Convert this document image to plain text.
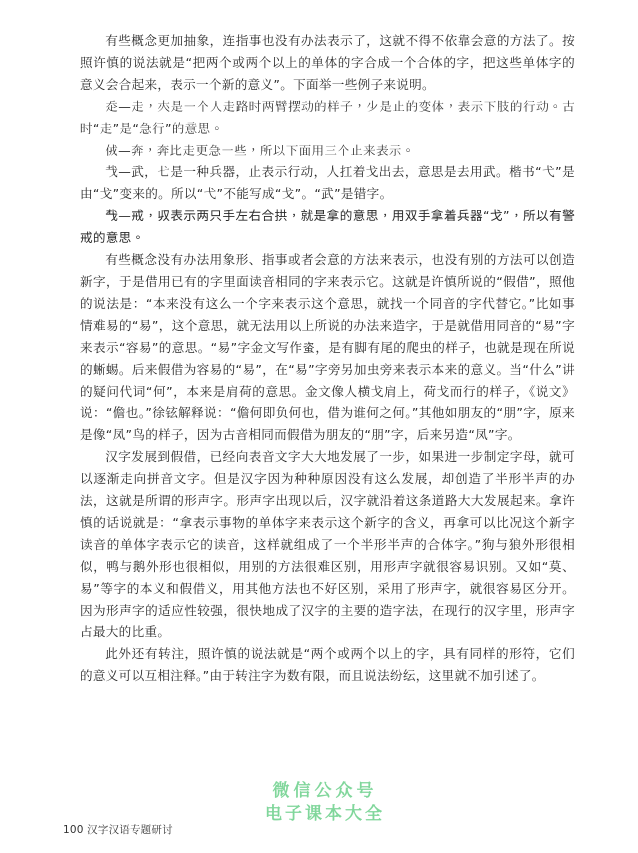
有些概念更加抽象，连指事也没有办法表示了，这就不得不依靠会意的方法了。按照许慎的说法就是“把两个或两个以上的单体的字合成一个合体的字，把这些单体字的意义会合起来，表示一个新的意义”。下面举一些例子来说明。

𧺆—走，𡗕是一个人走路时两臂摆动的样子，𣥂是止的变体，表示下肢的行动。古时“走”是“急行”的意思。

𠈋—奔，奔比走更急一些，所以下面用三个止来表示。

𢦏—武，𢍺是一种兵器，止表示行动，人扛着戈出去，意思是去用武。楷书“弋”是由“戈”变来的。所以“弋”不能写成“戈”。“武”是错字。

𢦔—戒，𠬞表示两只手左右合拱，就是拿的意思，用双手拿着兵器“戈”，所以有警戒的意思。

有些概念没有办法用象形、指事或者会意的方法来表示，也没有别的方法可以创造新字，于是借用已有的字里面读音相同的字来表示它。这就是许慎所说的“假借”，照他的说法是：“本来没有这么一个字来表示这个意思，就找一个同音的字代替它。”比如事情难易的“易”，这个意思，就无法用以上所说的办法来造字，于是就借用同音的“易”字来表示“容易”的意思。“易”字金文写作𧊒，是有脚有尾的爬虫的样子，也就是现在所说的蜥蜴。后来假借为容易的“易”，在“易”字旁另加虫旁来表示本来的意义。当“什么”讲的疑问代词“何”，本来是肩荷的意思。金文像人横戈肩上，荷戈而行的样子，《说文》说：“儋也。”徐铉解释说：“儋何即负何也，借为谁何之何。”其他如朋友的“朋”字，原来是像“凤”鸟的样子，因为古音相同而假借为朋友的“朋”字，后来另造“凤”字。

汉字发展到假借，已经向表音文字大大地发展了一步，如果进一步制定字母，就可以逐渐走向拼音文字。但是汉字因为种种原因没有这么发展，却创造了半形半声的办法，这就是所谓的形声字。形声字出现以后，汉字就沿着这条道路大大发展起来。拿许慎的话说就是：“拿表示事物的单体字来表示这个新字的含义，再拿可以比况这个新字读音的单体字表示它的读音，这样就组成了一个半形半声的合体字。”狗与狼外形很相似，鸭与鹅外形也很相似，用别的方法很难区别，用形声字就很容易识别。又如“莫、易”等字的本义和假借义，用其他方法也不好区别，采用了形声字，就很容易区分开。因为形声字的适应性较强，很快地成了汉字的主要的造字法，在现行的汉字里，形声字占最大的比重。

此外还有转注，照许慎的说法就是“两个或两个以上的字，具有同样的形符，它们的意义可以互相注释。”由于转注字为数有限，而且说法纷纭，这里就不加引述了。

微信公众号
电子课本大全
100 汉字汉语专题研讨
